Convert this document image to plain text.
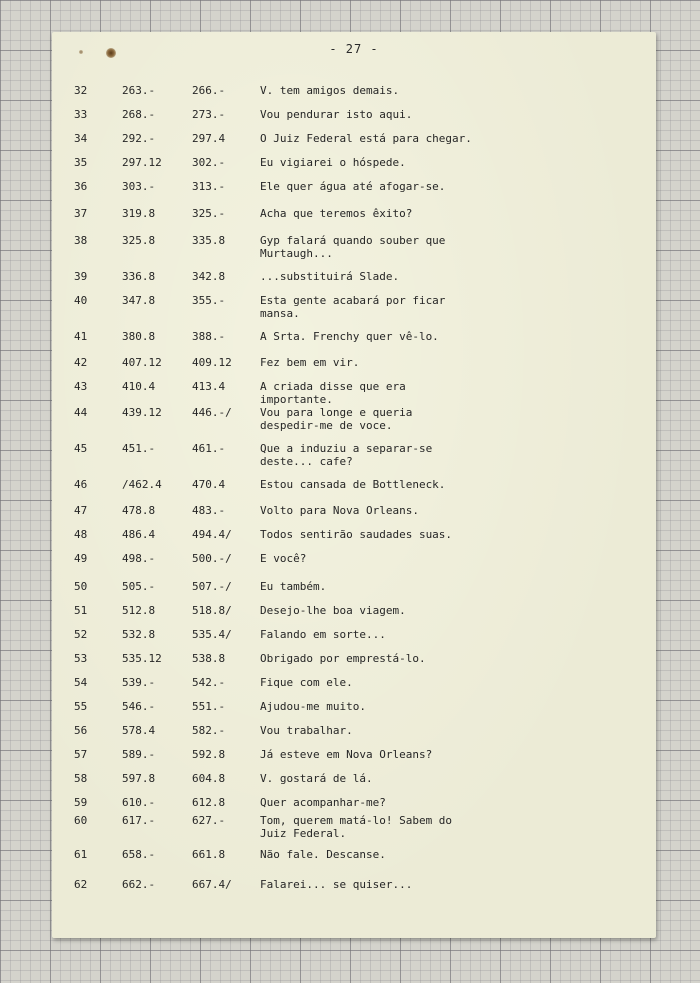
- 27 -
32	263.-	266.-	V. tem amigos demais.
33	268.-	273.-	Vou pendurar isto aqui.
34	292.-	297.4	O Juiz Federal está para chegar.
35	297.12	302.-	Eu vigiarei o hóspede.
36	303.-	313.-	Ele quer água até afogar-se.
37	319.8	325.-	Acha que teremos êxito?
38	325.8	335.8	Gyp falará quando souber que
Murtaugh...
39	336.8	342.8	...substituirá Slade.
40	347.8	355.-	Esta gente acabará por ficar
mansa.
41	380.8	388.-	A Srta. Frenchy quer vê-lo.
42	407.12	409.12	Fez bem em vir.
43	410.4	413.4	A criada disse que era
importante.
44	439.12	446.-/	Vou para longe e queria
despedir-me de voce.
45	451.-	461.-	Que a induziu a separar-se
deste... cafe?
46	/462.4	470.4	Estou cansada de Bottleneck.
47	478.8	483.-	Volto para Nova Orleans.
48	486.4	494.4/	Todos sentirão saudades suas.
49	498.-	500.-/	E você?
50	505.-	507.-/	Eu também.
51	512.8	518.8/	Desejo-lhe boa viagem.
52	532.8	535.4/	Falando em sorte...
53	535.12	538.8	Obrigado por emprestá-lo.
54	539.-	542.-	Fique com ele.
55	546.-	551.-	Ajudou-me muito.
56	578.4	582.-	Vou trabalhar.
57	589.-	592.8	Já esteve em Nova Orleans?
58	597.8	604.8	V. gostará de lá.
59	610.-	612.8	Quer acompanhar-me?
60	617.-	627.-	Tom, querem matá-lo! Sabem do
Juiz Federal.
61	658.-	661.8	Não fale. Descanse.
62	662.-	667.4/	Falarei... se quiser...
